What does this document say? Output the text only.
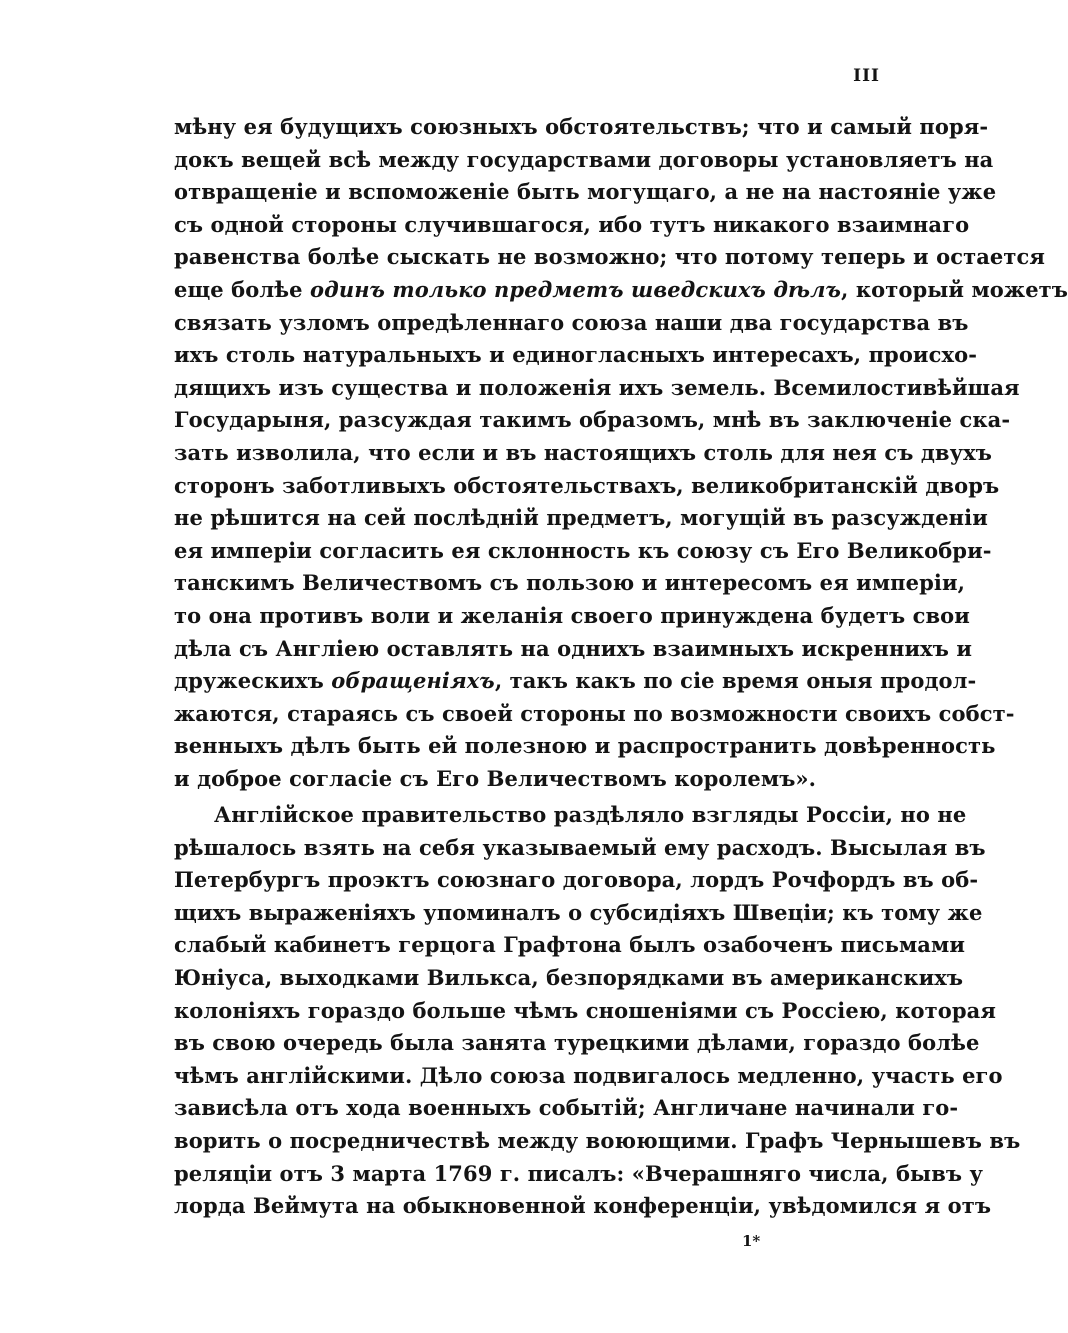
III
мѣну ея будущихъ союзныхъ обстоятельствъ; что и самый поря-
докъ вещей всѣ между государствами договоры установляетъ на
отвращеніе и вспоможеніе быть могущаго, а не на настояніе уже
съ одной стороны случившагося, ибо тутъ никакого взаимнаго
равенства болѣе сыскать не возможно; что потому теперь и остается
еще болѣе одинъ только предметъ шведскихъ дѣлъ, который можетъ
связать узломъ опредѣленнаго союза наши два государства въ
ихъ столь натуральныхъ и единогласныхъ интересахъ, происхо-
дящихъ изъ существа и положенія ихъ земель. Всемилостивѣйшая
Государыня, разсуждая такимъ образомъ, мнѣ въ заключеніе ска-
зать изволила, что если и въ настоящихъ столь для нея съ двухъ
сторонъ заботливыхъ обстоятельствахъ, великобританскій дворъ
не рѣшится на сей послѣдній предметъ, могущій въ разсужденіи
ея имперіи согласить ея склонность къ союзу съ Его Великобри-
танскимъ Величествомъ съ пользою и интересомъ ея имперіи,
то она противъ воли и желанія своего принуждена будетъ свои
дѣла съ Англіею оставлять на однихъ взаимныхъ искреннихъ и
дружескихъ обращеніяхъ, такъ какъ по сіе время оныя продол-
жаются, стараясь съ своей стороны по возможности своихъ собст-
венныхъ дѣлъ быть ей полезною и распространить довѣренность
и доброе согласіе съ Его Величествомъ королемъ».
Англійское правительство раздѣляло взгляды Россіи, но не
рѣшалось взять на себя указываемый ему расходъ. Высылая въ
Петербургъ проэктъ союзнаго договора, лордъ Рочфордъ въ об-
щихъ выраженіяхъ упоминалъ о субсидіяхъ Швеціи; къ тому же
слабый кабинетъ герцога Графтона былъ озабоченъ письмами
Юніуса, выходками Вилькса, безпорядками въ американскихъ
колоніяхъ гораздо больше чѣмъ сношеніями съ Россіею, которая
въ свою очередь была занята турецкими дѣлами, гораздо болѣе
чѣмъ англійскими. Дѣло союза подвигалось медленно, участь его
зависѣла отъ хода военныхъ событій; Англичане начинали го-
ворить о посредничествѣ между воюющими. Графъ Чернышевъ въ
реляціи отъ 3 марта 1769 г. писалъ: «Вчерашняго числа, бывъ у
лорда Веймута на обыкновенной конференціи, увѣдомился я отъ
1*
